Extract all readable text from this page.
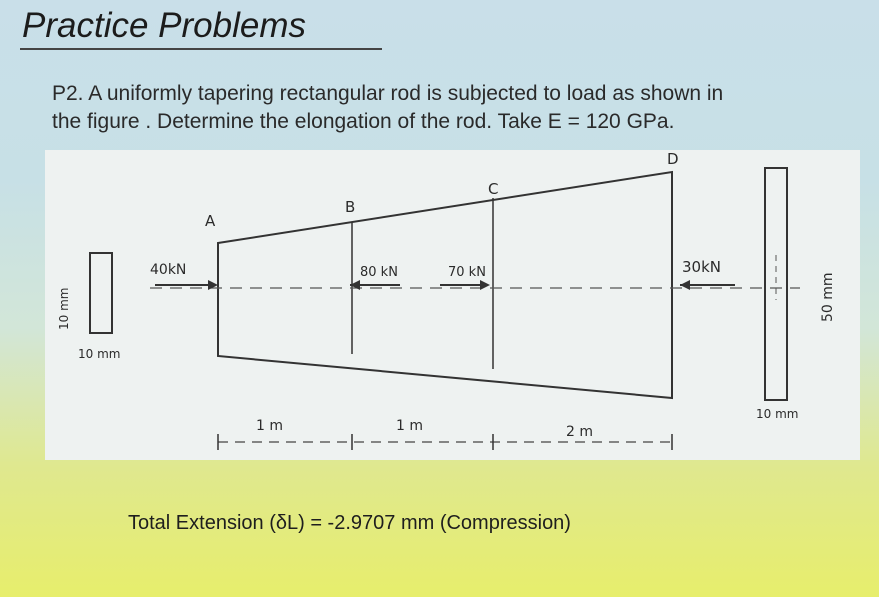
Practice Problems
P2. A uniformly tapering rectangular rod is subjected to load as shown in
the figure . Determine the elongation of the rod. Take E = 120 GPa.
A
B
C
D
40kN	80 kN	70 kN	30kN
1 m	1 m	2 m
10 mm
10 mm
50 mm
10 mm
Total Extension (δL) = -2.9707 mm (Compression)
